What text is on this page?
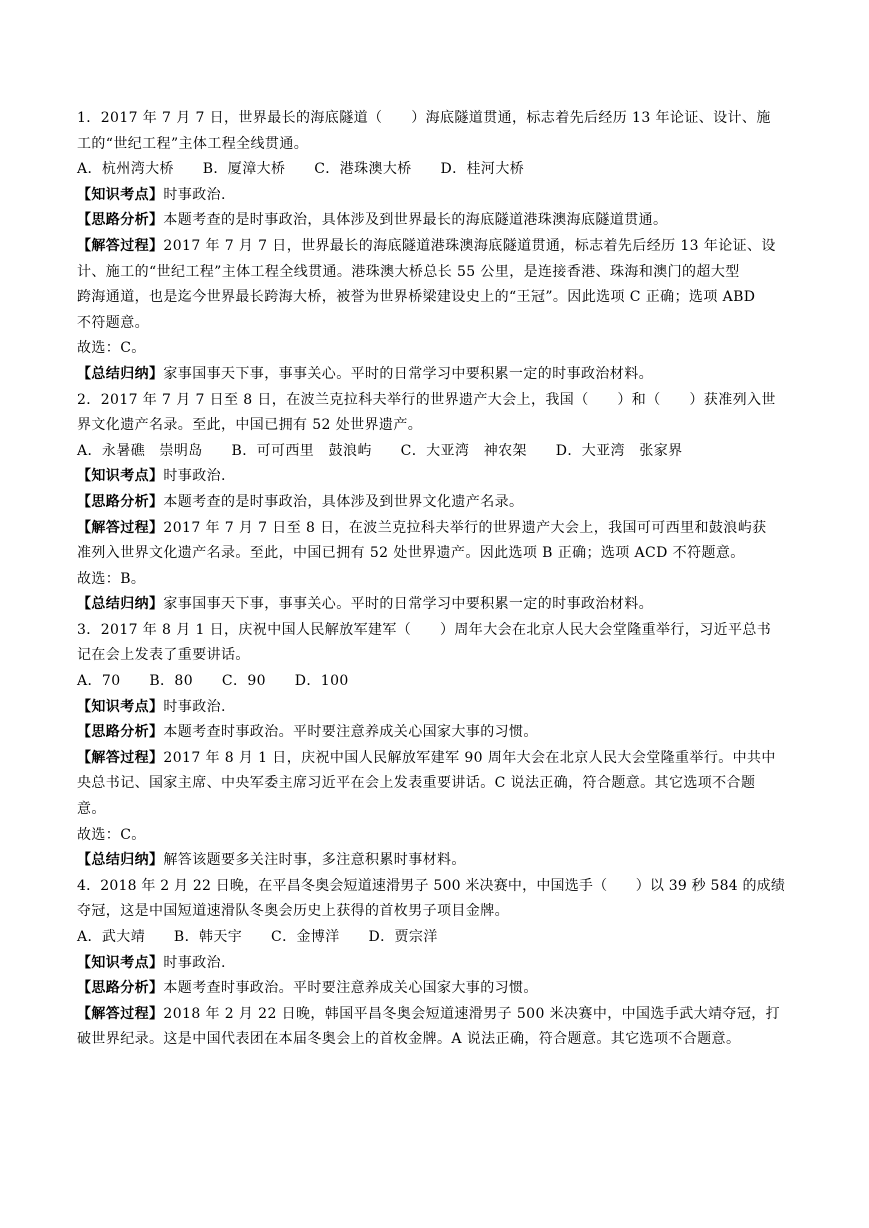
1．2017 年 7 月 7 日，世界最长的海底隧道（　　）海底隧道贯通，标志着先后经历 13 年论证、设计、施

工的“世纪工程”主体工程全线贯通。

A．杭州湾大桥　　B．厦漳大桥　　C．港珠澳大桥　　D．桂河大桥

【知识考点】时事政治.

【思路分析】本题考查的是时事政治，具体涉及到世界最长的海底隧道港珠澳海底隧道贯通。

【解答过程】2017 年 7 月 7 日，世界最长的海底隧道港珠澳海底隧道贯通，标志着先后经历 13 年论证、设

计、施工的“世纪工程”主体工程全线贯通。港珠澳大桥总长 55 公里，是连接香港、珠海和澳门的超大型

跨海通道，也是迄今世界最长跨海大桥，被誉为世界桥梁建设史上的“王冠”。因此选项 C 正确；选项 ABD

不符题意。

故选：C。

【总结归纳】家事国事天下事，事事关心。平时的日常学习中要积累一定的时事政治材料。

2．2017 年 7 月 7 日至 8 日，在波兰克拉科夫举行的世界遗产大会上，我国（　　）和（　　）获准列入世

界文化遗产名录。至此，中国已拥有 52 处世界遗产。

A．永暑礁　崇明岛　　B．可可西里　鼓浪屿　　C．大亚湾　神农架　　D．大亚湾　张家界

【知识考点】时事政治.

【思路分析】本题考查的是时事政治，具体涉及到世界文化遗产名录。

【解答过程】2017 年 7 月 7 日至 8 日，在波兰克拉科夫举行的世界遗产大会上，我国可可西里和鼓浪屿获

准列入世界文化遗产名录。至此，中国已拥有 52 处世界遗产。因此选项 B 正确；选项 ACD 不符题意。

故选：B。

【总结归纳】家事国事天下事，事事关心。平时的日常学习中要积累一定的时事政治材料。

3．2017 年 8 月 1 日，庆祝中国人民解放军建军（　　）周年大会在北京人民大会堂隆重举行，习近平总书

记在会上发表了重要讲话。

A．70　　B．80　　C．90　　D．100

【知识考点】时事政治.

【思路分析】本题考查时事政治。平时要注意养成关心国家大事的习惯。

【解答过程】2017 年 8 月 1 日，庆祝中国人民解放军建军 90 周年大会在北京人民大会堂隆重举行。中共中

央总书记、国家主席、中央军委主席习近平在会上发表重要讲话。C 说法正确，符合题意。其它选项不合题

意。

故选：C。

【总结归纳】解答该题要多关注时事，多注意积累时事材料。

4．2018 年 2 月 22 日晚，在平昌冬奥会短道速滑男子 500 米决赛中，中国选手（　　）以 39 秒 584 的成绩

夺冠，这是中国短道速滑队冬奥会历史上获得的首枚男子项目金牌。

A．武大靖　　B．韩天宇　　C．金博洋　　D．贾宗洋

【知识考点】时事政治.

【思路分析】本题考查时事政治。平时要注意养成关心国家大事的习惯。

【解答过程】2018 年 2 月 22 日晚，韩国平昌冬奥会短道速滑男子 500 米决赛中，中国选手武大靖夺冠，打

破世界纪录。这是中国代表团在本届冬奥会上的首枚金牌。A 说法正确，符合题意。其它选项不合题意。
